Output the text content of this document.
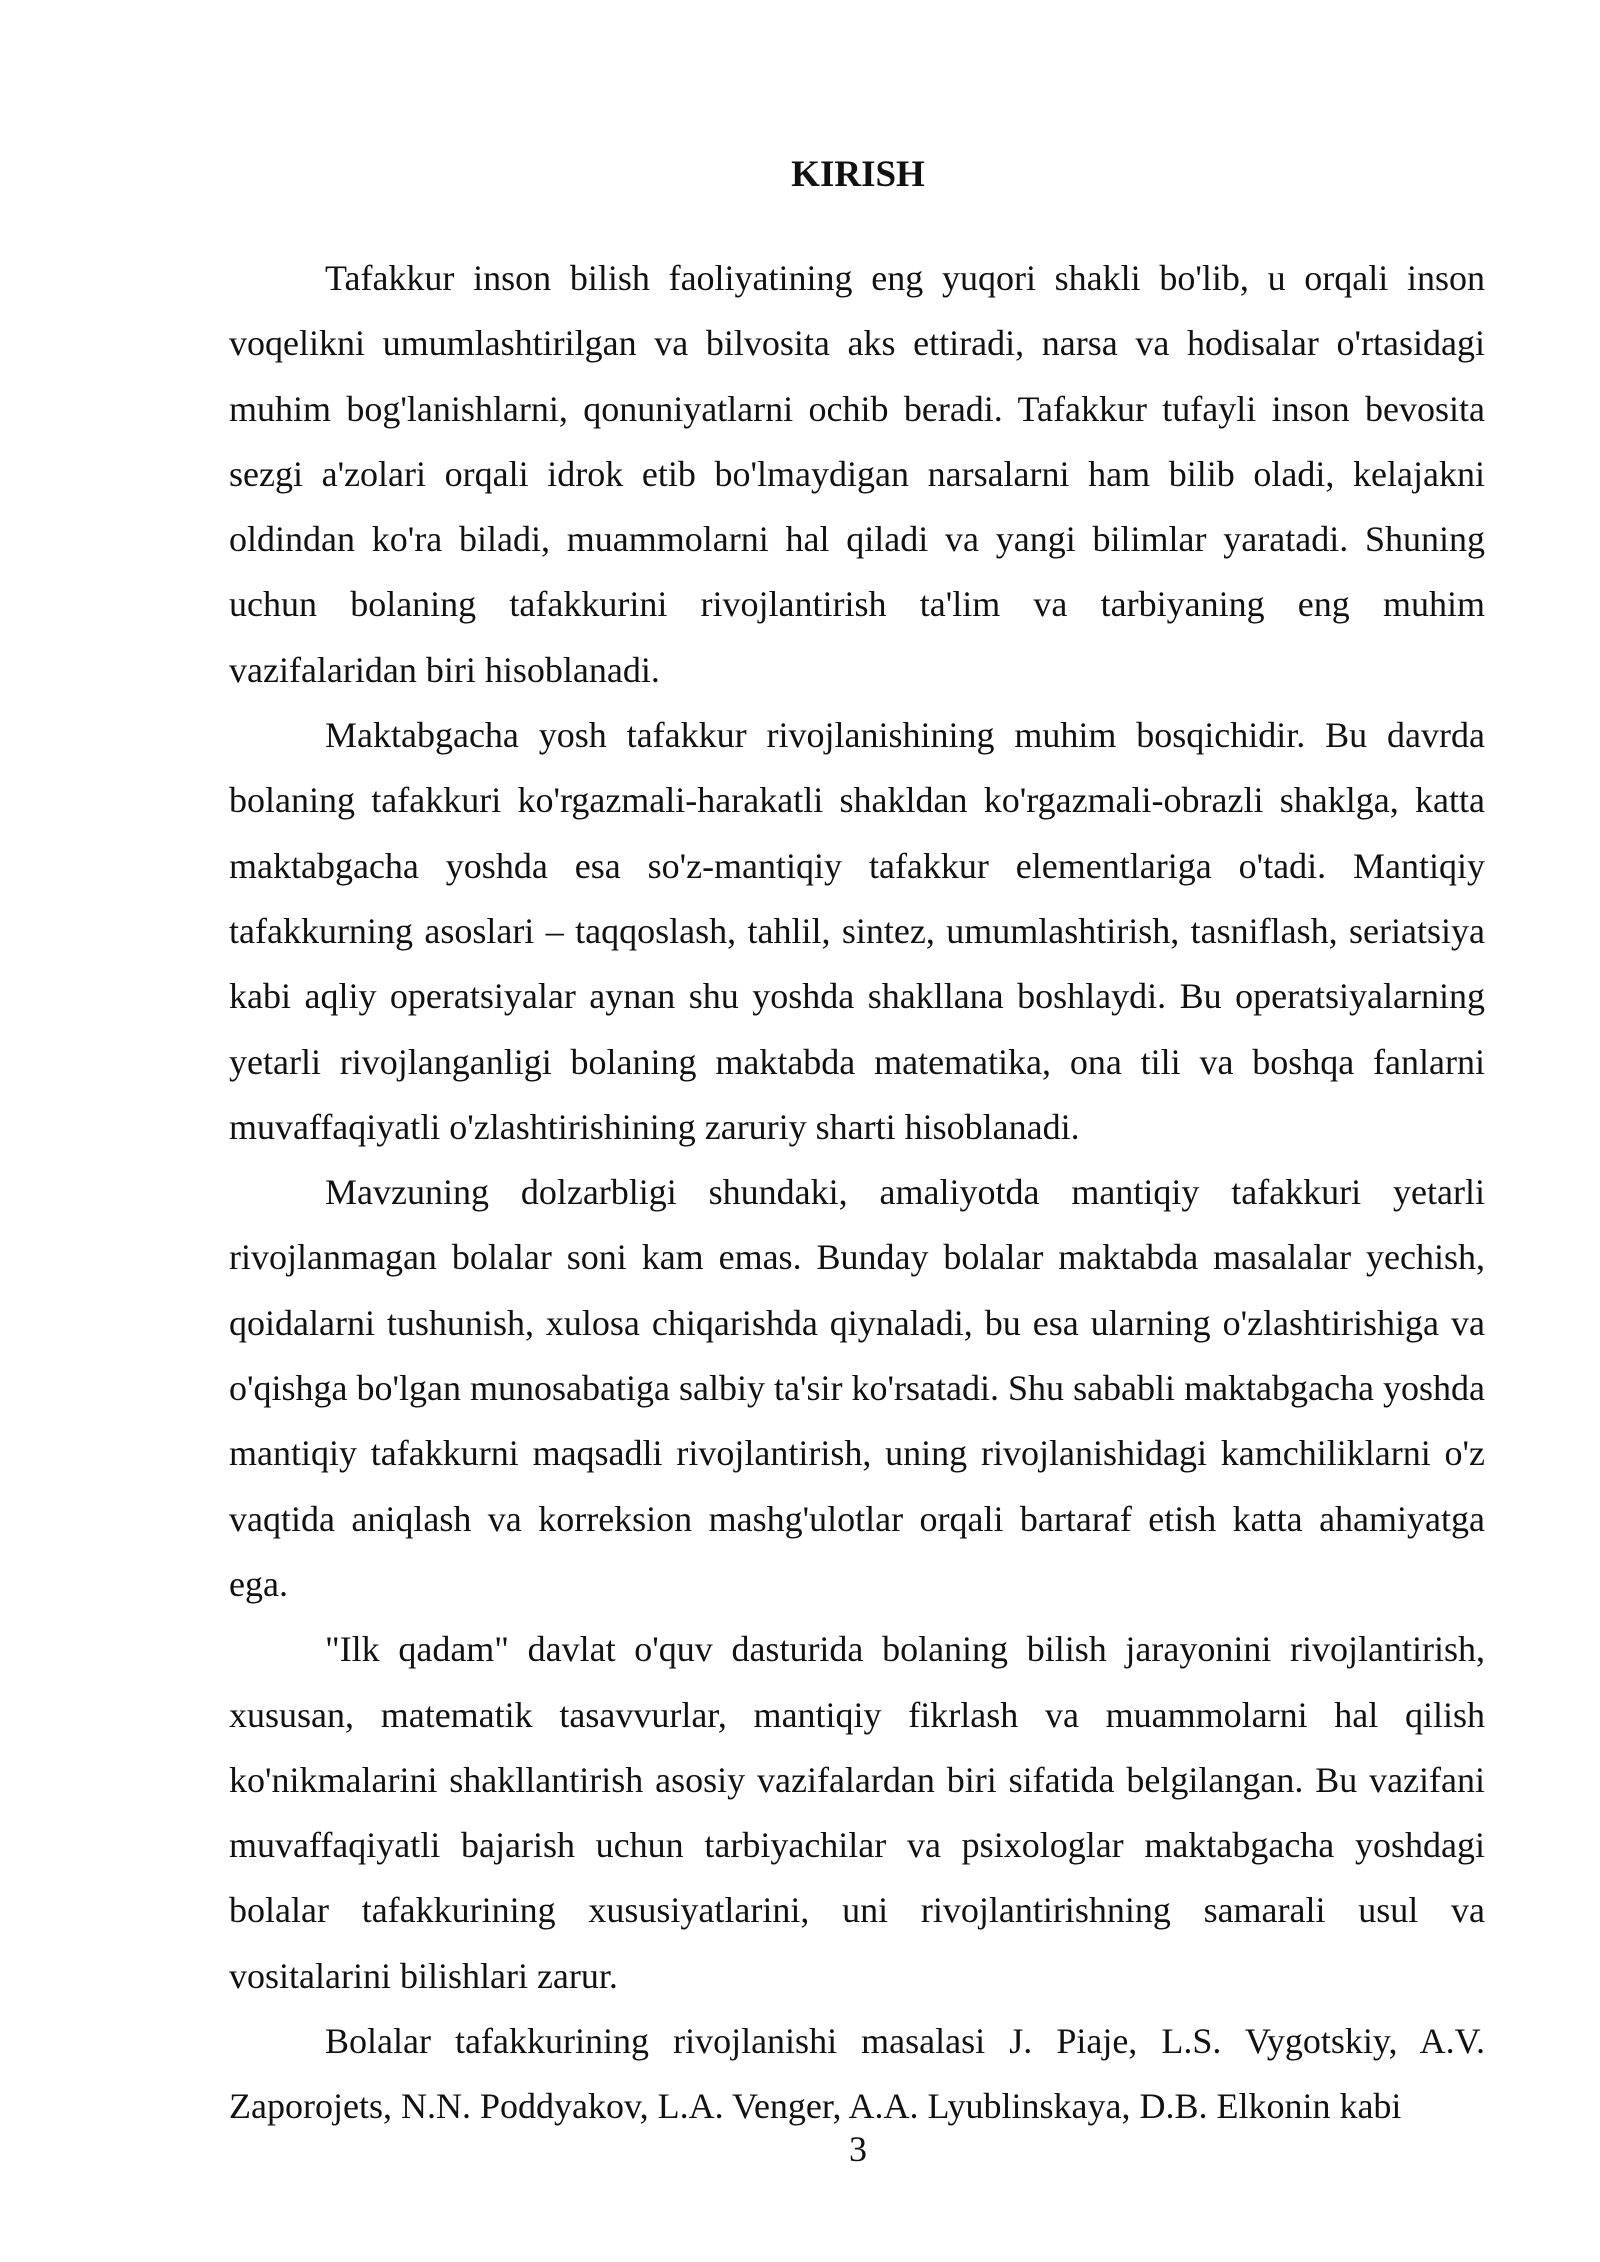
KIRISH

Tafakkur inson bilish faoliyatining eng yuqori shakli bo'lib, u orqali inson voqelikni umumlashtirilgan va bilvosita aks ettiradi, narsa va hodisalar o'rtasidagi muhim bog'lanishlarni, qonuniyatlarni ochib beradi. Tafakkur tufayli inson bevosita sezgi a'zolari orqali idrok etib bo'lmaydigan narsalarni ham bilib oladi, kelajakni oldindan ko'ra biladi, muammolarni hal qiladi va yangi bilimlar yaratadi. Shuning uchun bolaning tafakkurini rivojlantirish ta'lim va tarbiyaning eng muhim vazifalaridan biri hisoblanadi.

Maktabgacha yosh tafakkur rivojlanishining muhim bosqichidir. Bu davrda bolaning tafakkuri ko'rgazmali-harakatli shakldan ko'rgazmali-obrazli shaklga, katta maktabgacha yoshda esa so'z-mantiqiy tafakkur elementlariga o'tadi. Mantiqiy tafakkurning asoslari – taqqoslash, tahlil, sintez, umumlashtirish, tasniflash, seriatsiya kabi aqliy operatsiyalar aynan shu yoshda shakllana boshlaydi. Bu operatsiyalarning yetarli rivojlanganligi bolaning maktabda matematika, ona tili va boshqa fanlarni muvaffaqiyatli o'zlashtirishining zaruriy sharti hisoblanadi.

Mavzuning dolzarbligi shundaki, amaliyotda mantiqiy tafakkuri yetarli rivojlanmagan bolalar soni kam emas. Bunday bolalar maktabda masalalar yechish, qoidalarni tushunish, xulosa chiqarishda qiynaladi, bu esa ularning o'zlashtirishiga va o'qishga bo'lgan munosabatiga salbiy ta'sir ko'rsatadi. Shu sababli maktabgacha yoshda mantiqiy tafakkurni maqsadli rivojlantirish, uning rivojlanishidagi kamchiliklarni o'z vaqtida aniqlash va korreksion mashg'ulotlar orqali bartaraf etish katta ahamiyatga ega.

"Ilk qadam" davlat o'quv dasturida bolaning bilish jarayonini rivojlantirish, xususan, matematik tasavvurlar, mantiqiy fikrlash va muammolarni hal qilish ko'nikmalarini shakllantirish asosiy vazifalardan biri sifatida belgilangan. Bu vazifani muvaffaqiyatli bajarish uchun tarbiyachilar va psixologlar maktabgacha yoshdagi bolalar tafakkurining xususiyatlarini, uni rivojlantirishning samarali usul va vositalarini bilishlari zarur.

Bolalar tafakkurining rivojlanishi masalasi J. Piaje, L.S. Vygotskiy, A.V. Zaporojets, N.N. Poddyakov, L.A. Venger, A.A. Lyublinskaya, D.B. Elkonin kabi

3
